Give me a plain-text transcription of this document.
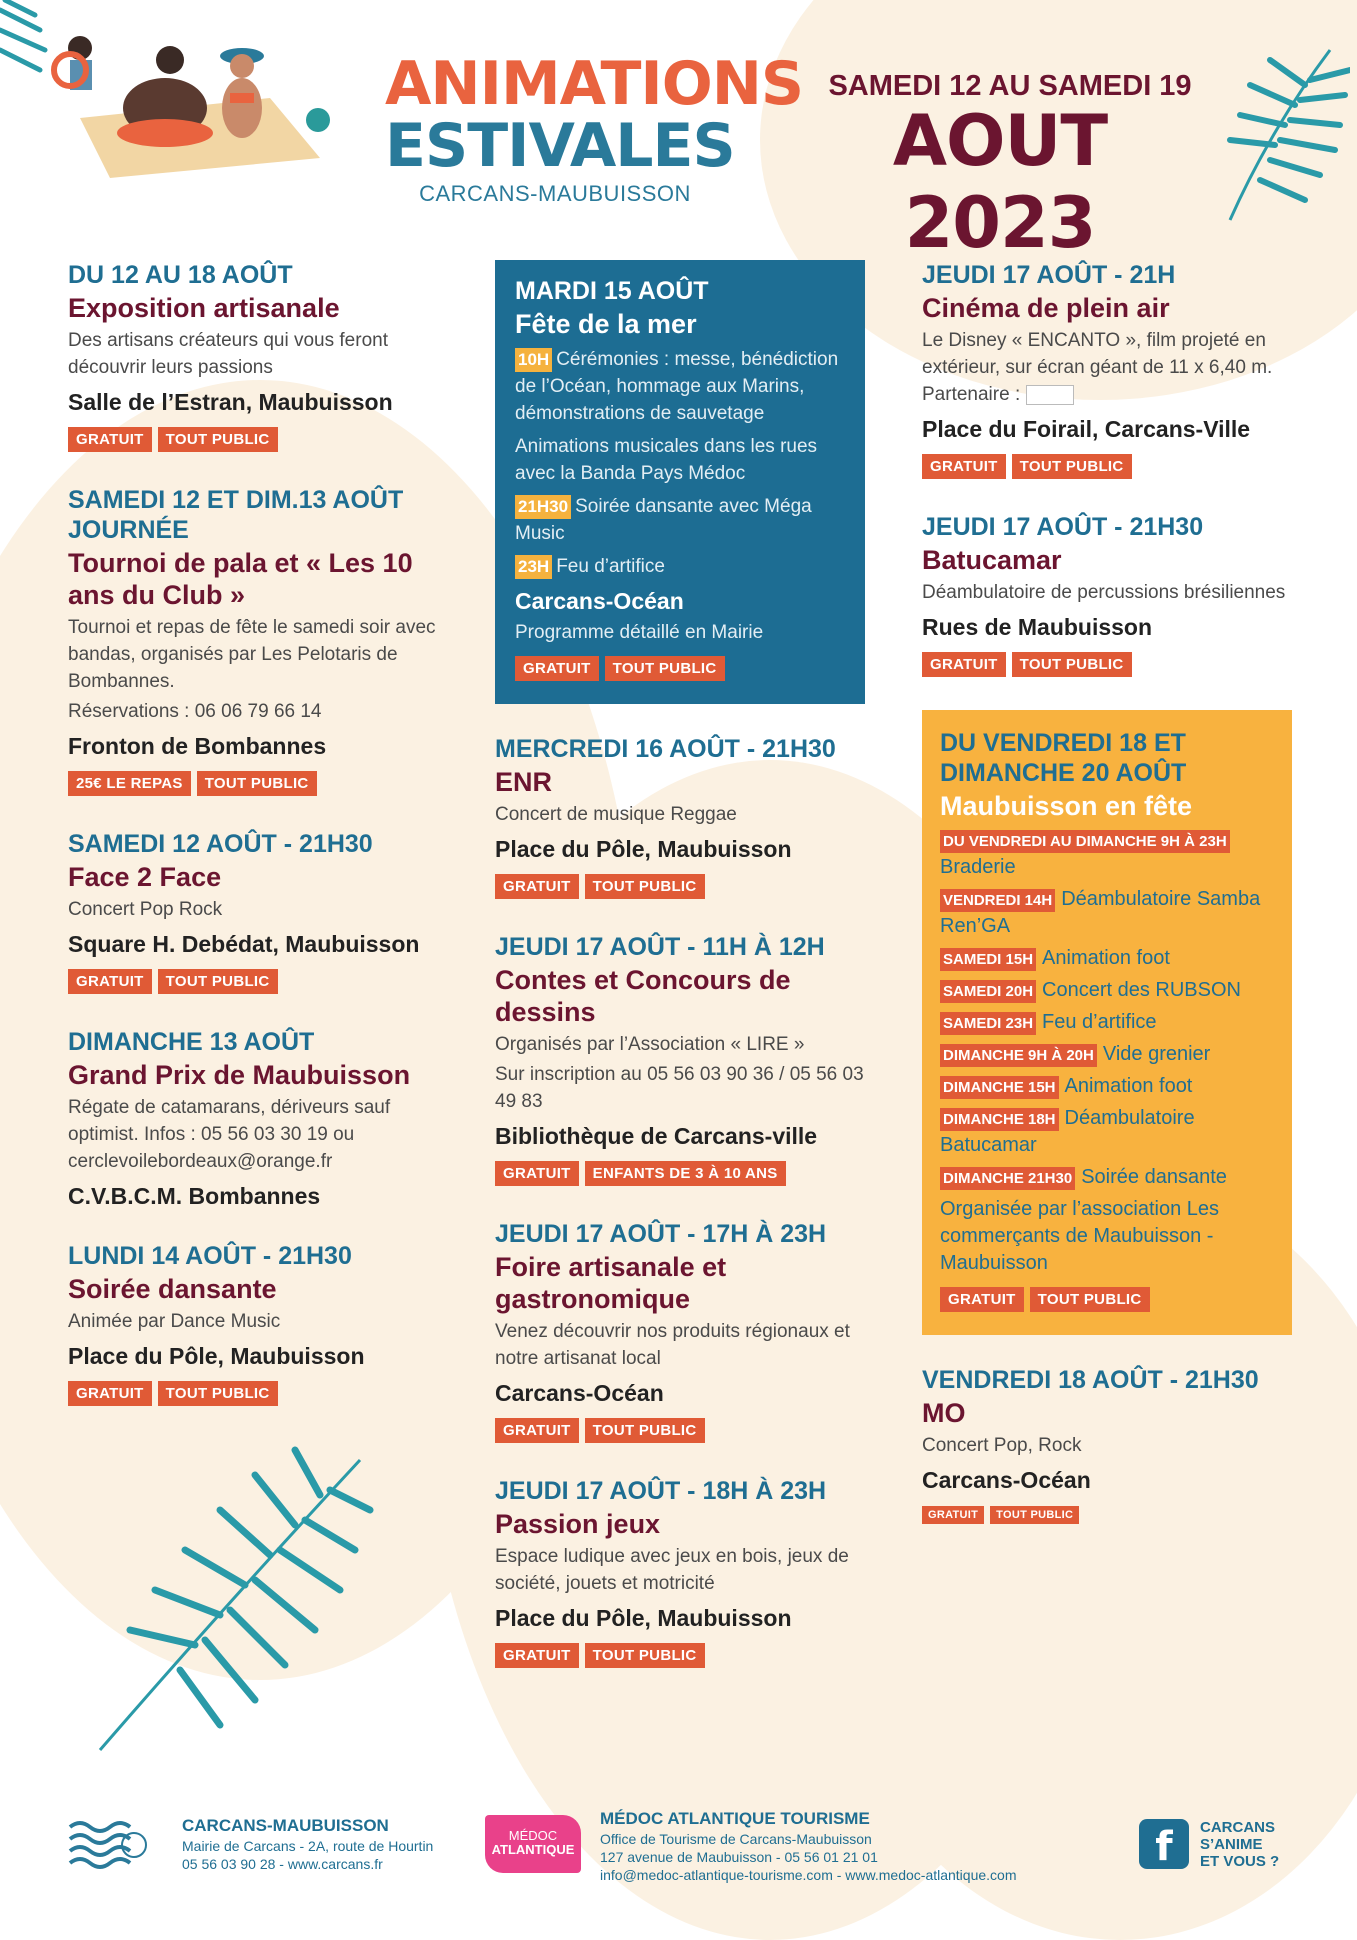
ANIMATIONS
ESTIVALES
CARCANS-MAUBUISSON
SAMEDI 12 AU SAMEDI 19
AOUT 2023
DU 12 AU 18 AOÛT
Exposition artisanale
Des artisans créateurs qui vous feront découvrir leurs passions
Salle de l’Estran, Maubuisson
GRATUIT TOUT PUBLIC
SAMEDI 12 ET DIM.13 AOÛT JOURNÉE
Tournoi de pala et « Les 10 ans du Club »
Tournoi et repas de fête le samedi soir avec bandas, organisés par Les Pelotaris de Bombannes.
Réservations : 06 06 79 66 14
Fronton de Bombannes
25€ LE REPAS TOUT PUBLIC
SAMEDI 12 AOÛT - 21H30
Face 2 Face
Concert Pop Rock
Square H. Debédat, Maubuisson
GRATUIT TOUT PUBLIC
DIMANCHE 13 AOÛT
Grand Prix de Maubuisson
Régate de catamarans, dériveurs sauf optimist. Infos : 05 56 03 30 19 ou cerclevoilebordeaux@orange.fr
C.V.B.C.M. Bombannes
LUNDI 14 AOÛT - 21H30
Soirée dansante
Animée par Dance Music
Place du Pôle, Maubuisson
GRATUIT TOUT PUBLIC
MARDI 15 AOÛT
Fête de la mer
10H Cérémonies : messe, bénédiction de l’Océan, hommage aux Marins, démonstrations de sauvetage
Animations musicales dans les rues avec la Banda Pays Médoc
21H30 Soirée dansante avec Méga Music
23H Feu d’artifice
Carcans-Océan
Programme détaillé en Mairie
GRATUIT TOUT PUBLIC
MERCREDI 16 AOÛT - 21H30
ENR
Concert de musique Reggae
Place du Pôle, Maubuisson
GRATUIT TOUT PUBLIC
JEUDI 17 AOÛT - 11H À 12H
Contes et Concours de dessins
Organisés par l’Association « LIRE »
Sur inscription au 05 56 03 90 36 / 05 56 03 49 83
Bibliothèque de Carcans-ville
GRATUIT ENFANTS DE 3 À 10 ANS
JEUDI 17 AOÛT - 17H À 23H
Foire artisanale et gastronomique
Venez découvrir nos produits régionaux et notre artisanat local
Carcans-Océan
GRATUIT TOUT PUBLIC
JEUDI 17 AOÛT - 18H À 23H
Passion jeux
Espace ludique avec jeux en bois, jeux de société, jouets et motricité
Place du Pôle, Maubuisson
GRATUIT TOUT PUBLIC
JEUDI 17 AOÛT - 21H
Cinéma de plein air
Le Disney « ENCANTO », film projeté en extérieur, sur écran géant de 11 x 6,40 m. Partenaire :
Place du Foirail, Carcans-Ville
GRATUIT TOUT PUBLIC
JEUDI 17 AOÛT - 21H30
Batucamar
Déambulatoire de percussions brésiliennes
Rues de Maubuisson
GRATUIT TOUT PUBLIC
DU VENDREDI 18 ET DIMANCHE 20 AOÛT
Maubuisson en fête
DU VENDREDI AU DIMANCHE 9H À 23H
Braderie
VENDREDI 14H Déambulatoire Samba Ren’GA
SAMEDI 15H Animation foot
SAMEDI 20H Concert des RUBSON
SAMEDI 23H Feu d’artifice
DIMANCHE 9H À 20H Vide grenier
DIMANCHE 15H Animation foot
DIMANCHE 18H Déambulatoire Batucamar
DIMANCHE 21H30 Soirée dansante
Organisée par l’association Les commerçants de Maubuisson - Maubuisson
GRATUIT TOUT PUBLIC
VENDREDI 18 AOÛT - 21H30
MO
Concert Pop, Rock
Carcans-Océan
GRATUIT TOUT PUBLIC
CARCANS-MAUBUISSON
Mairie de Carcans - 2A, route de Hourtin
05 56 03 90 28 - www.carcans.fr
MÉDOC
ATLANTIQUE
MÉDOC ATLANTIQUE TOURISME
Office de Tourisme de Carcans-Maubuisson
127 avenue de Maubuisson - 05 56 01 21 01
info@medoc-atlantique-tourisme.com - www.medoc-atlantique.com
f	CARCANS
S’ANIME
ET VOUS ?
